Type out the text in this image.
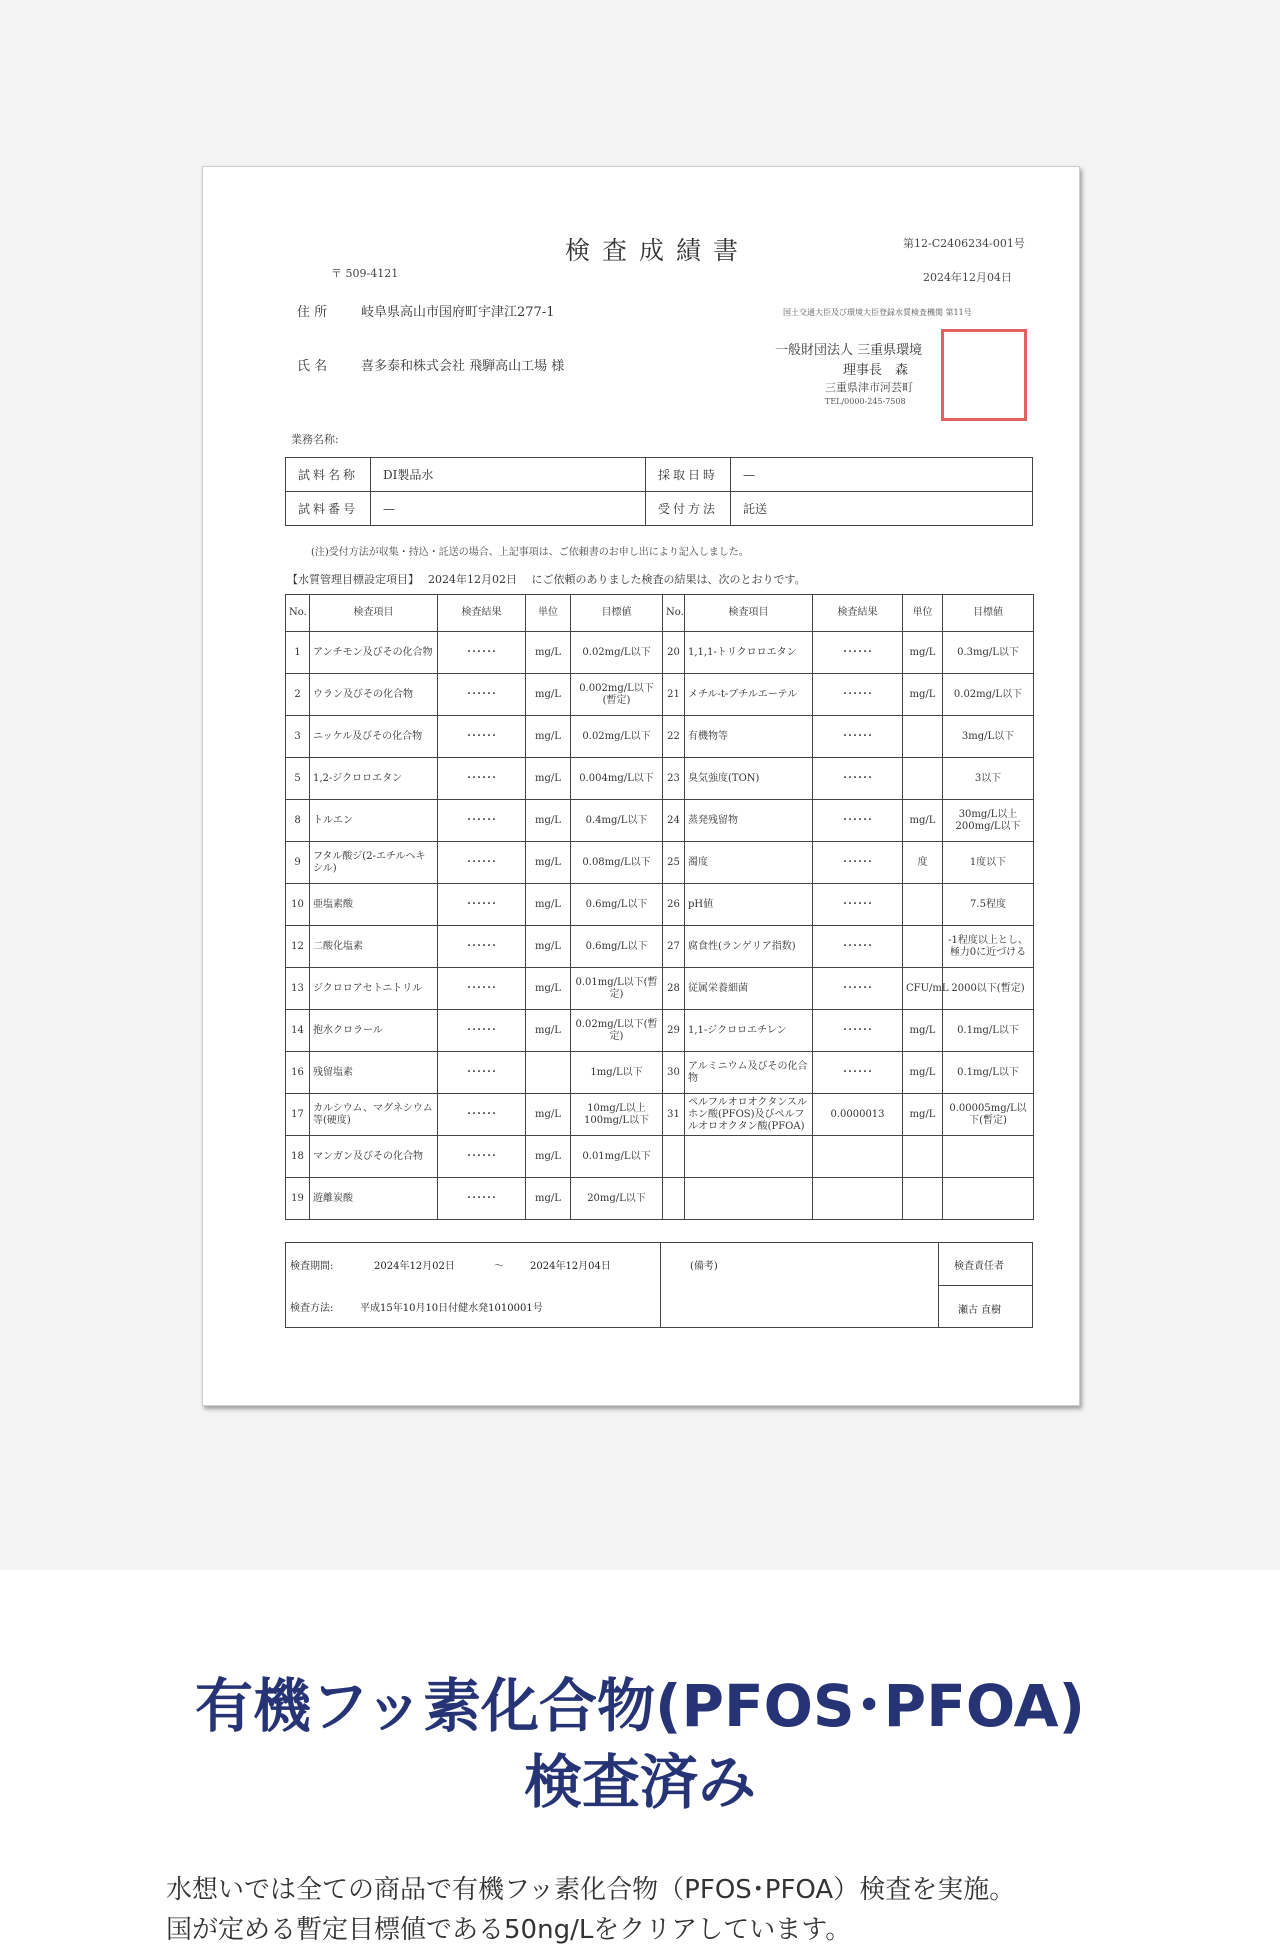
検査成績書	第12-C2406234-001号
2024年12月04日
国土交通大臣及び環境大臣登録水質検査機関 第11号
〒 509-4121
住 所	岐阜県高山市国府町宇津江277-1
氏 名	喜多泰和株式会社 飛騨高山工場 様
一般財団法人 三重県環境
理事長　森
三重県津市河芸町
TEL/0000-245-7508
業務名称:
試料名称	DI製品水	採取日時	—
試料番号	—	受付方法	託送
(注)受付方法が収集・持込・託送の場合、上記事項は、ご依頼書のお申し出により記入しました。
【水質管理目標設定項目】　 2024年12月02日　 にご依頼のありました検査の結果は、次のとおりです。
No.	検査項目	検査結果	単位	目標値	No.	検査項目	検査結果	単位	目標値
1	アンチモン及びその化合物	･･････	mg/L	0.02mg/L以下	20	1,1,1-トリクロロエタン	･･････	mg/L	0.3mg/L以下
2	ウラン及びその化合物	･･････	mg/L	0.002mg/L以下(暫定)	21	メチル-t-ブチルエーテル	･･････	mg/L	0.02mg/L以下
3	ニッケル及びその化合物	･･････	mg/L	0.02mg/L以下	22	有機物等	･･････		3mg/L以下
5	1,2-ジクロロエタン	･･････	mg/L	0.004mg/L以下	23	臭気強度(TON)	･･････		3以下
8	トルエン	･･････	mg/L	0.4mg/L以下	24	蒸発残留物	･･････	mg/L	30mg/L以上200mg/L以下
9	フタル酸ジ(2-エチルヘキシル)	･･････	mg/L	0.08mg/L以下	25	濁度	･･････	度	1度以下
10	亜塩素酸	･･････	mg/L	0.6mg/L以下	26	pH値	･･････		7.5程度
12	二酸化塩素	･･････	mg/L	0.6mg/L以下	27	腐食性(ランゲリア指数)	･･････		-1程度以上とし、極力0に近づける
13	ジクロロアセトニトリル	･･････	mg/L	0.01mg/L以下(暫定)	28	従属栄養細菌	･･････	CFU/mL	2000以下(暫定)
14	抱水クロラール	･･････	mg/L	0.02mg/L以下(暫定)	29	1,1-ジクロロエチレン	･･････	mg/L	0.1mg/L以下
16	残留塩素	･･････		1mg/L以下	30	アルミニウム及びその化合物	･･････	mg/L	0.1mg/L以下
17	カルシウム、マグネシウム等(硬度)	･･････	mg/L	10mg/L以上100mg/L以下	31	ペルフルオロオクタンスルホン酸(PFOS)及びペルフルオロオクタン酸(PFOA)	0.0000013	mg/L	0.00005mg/L以下(暫定)
18	マンガン及びその化合物	･･････	mg/L	0.01mg/L以下					
19	遊離炭酸	･･････	mg/L	20mg/L以下					
検査期間:	2024年12月02日	～	2024年12月04日
検査方法:	平成15年10月10日付健水発1010001号
(備考)	検査責任者
瀬古 直樹
有機フッ素化合物(PFOS･PFOA)
検査済み
水想いでは全ての商品で有機フッ素化合物（PFOS･PFOA）検査を実施。
国が定める暫定目標値である50ng/Lをクリアしています。
